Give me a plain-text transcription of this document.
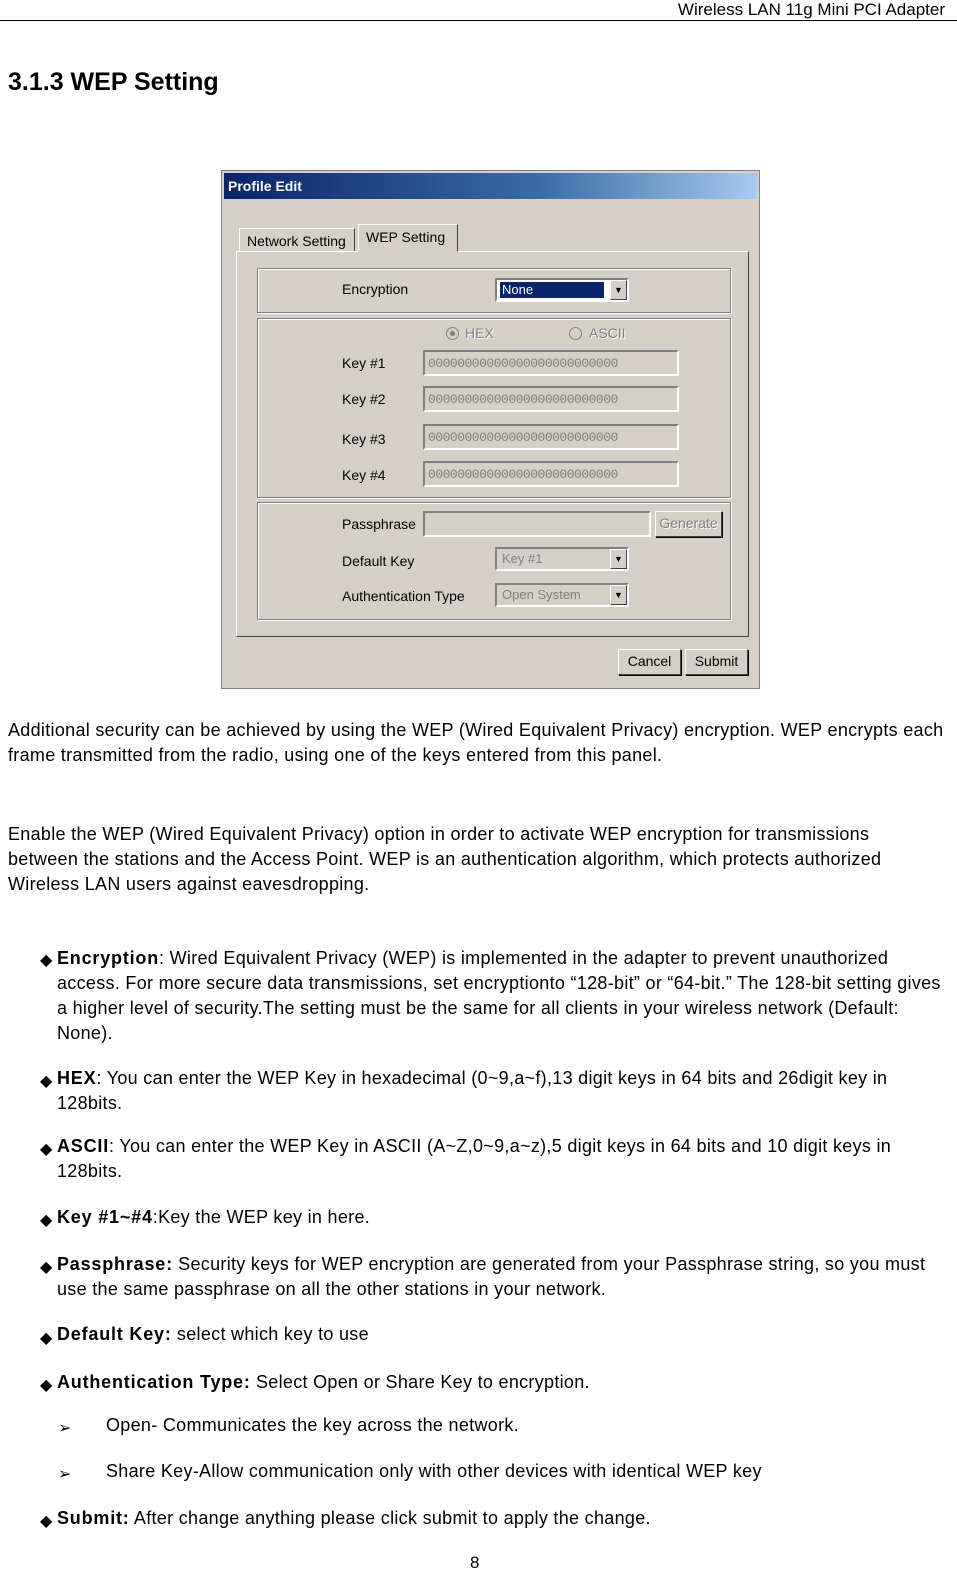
Wireless LAN 11g Mini PCI Adapter
3.1.3 WEP Setting
Profile Edit
Network Setting
Encryption	None	▼
HEX	ASCII
Key #1	00000000000000000000000000
Key #2	00000000000000000000000000
Key #3	00000000000000000000000000
Key #4	00000000000000000000000000
Passphrase	Generate
Default Key	Key #1	▼
Authentication Type	Open System	▼
WEP Setting
Cancel	Submit
Additional security can be achieved by using the WEP (Wired Equivalent Privacy) encryption. WEP encrypts each frame transmitted from the radio, using one of the keys entered from this panel.
Enable the WEP (Wired Equivalent Privacy) option in order to activate WEP encryption for transmissions between the stations and the Access Point. WEP is an authentication algorithm, which protects authorized Wireless LAN users against eavesdropping.
◆ Encryption: Wired Equivalent Privacy (WEP) is implemented in the adapter to prevent unauthorized access. For more secure data transmissions, set encryptionto “128-bit” or “64-bit.” The 128-bit setting gives a higher level of security.The setting must be the same for all clients in your wireless network (Default: None).
◆ HEX: You can enter the WEP Key in hexadecimal (0~9,a~f),13 digit keys in 64 bits and 26digit key in 128bits.
◆ ASCII: You can enter the WEP Key in ASCII (A~Z,0~9,a~z),5 digit keys in 64 bits and 10 digit keys in 128bits.
◆ Key #1~#4:Key the WEP key in here.
◆ Passphrase: Security keys for WEP encryption are generated from your Passphrase string, so you must use the same passphrase on all the other stations in your network.
◆ Default Key: select which key to use
◆ Authentication Type: Select Open or Share Key to encryption.
➢ Open- Communicates the key across the network.
➢ Share Key-Allow communication only with other devices with identical WEP key
◆ Submit: After change anything please click submit to apply the change.
8
